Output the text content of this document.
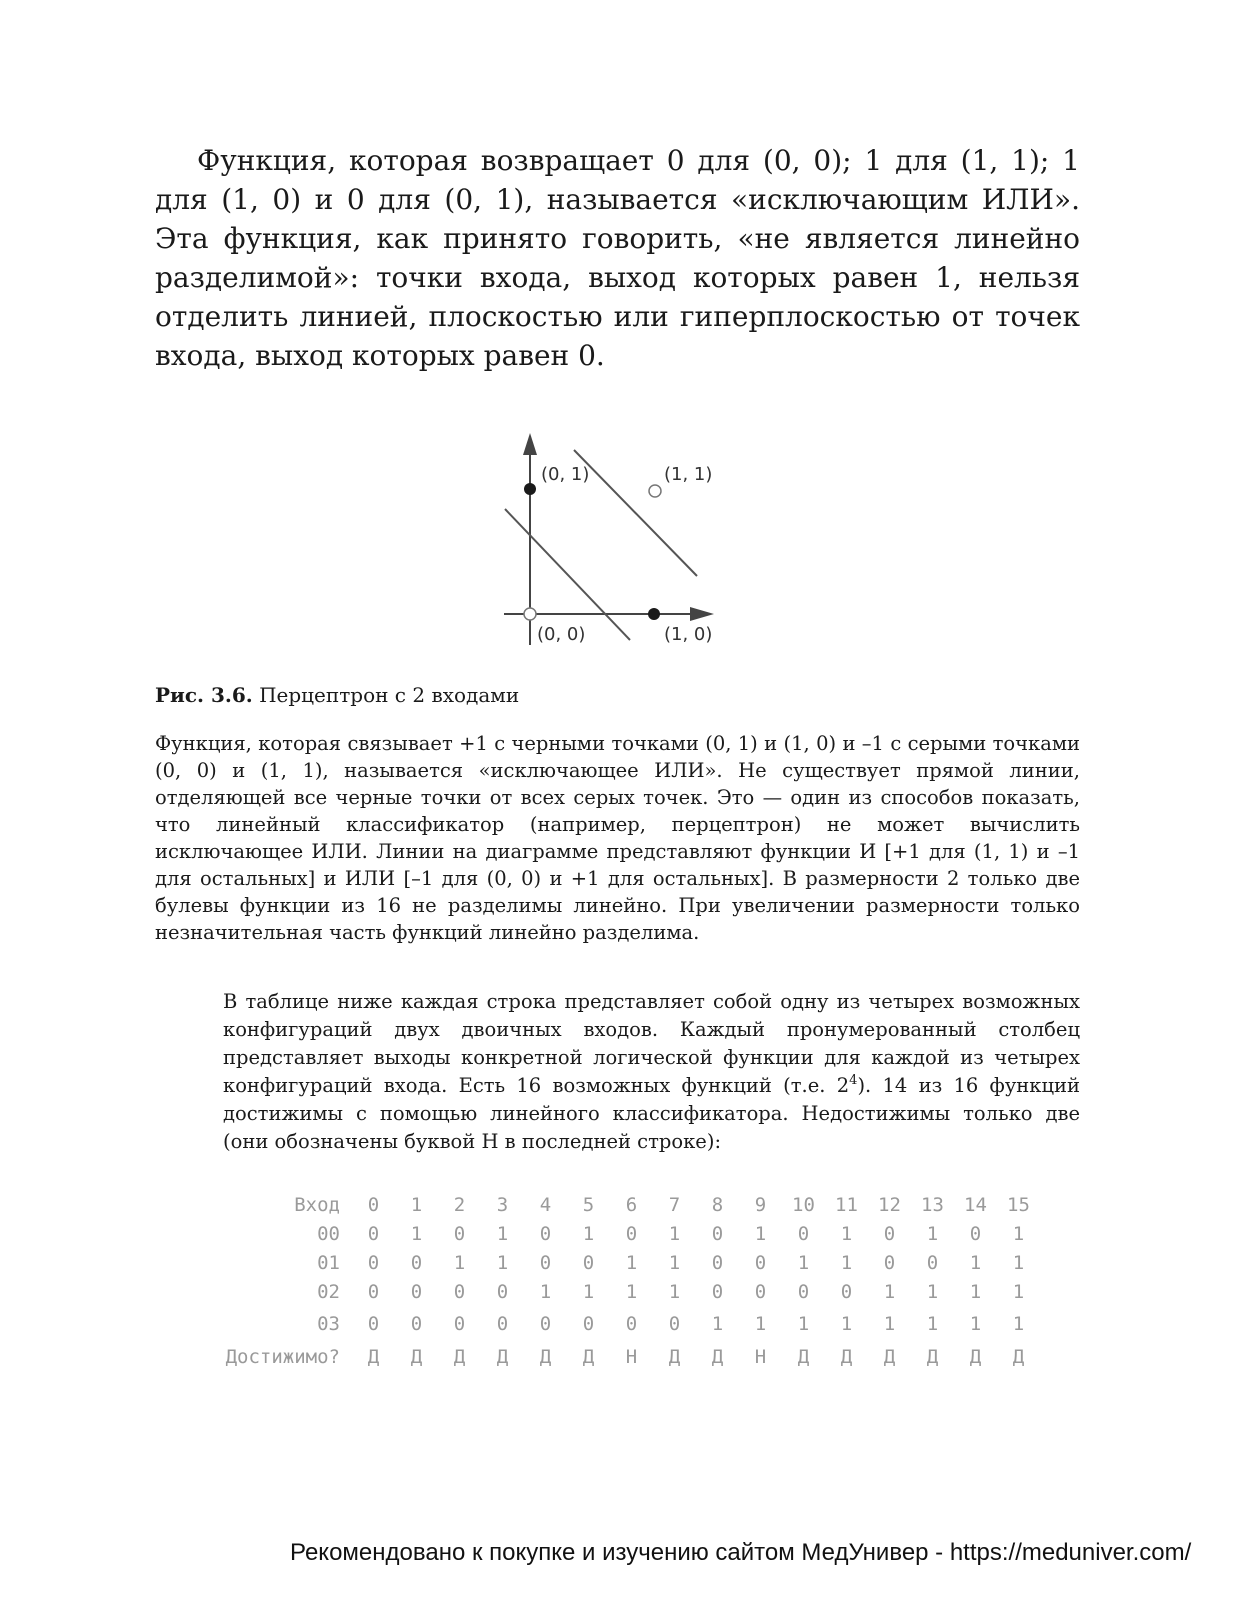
Функция, которая возвращает 0 для (0, 0); 1 для (1, 1); 1 для (1, 0) и 0 для (0, 1), называется «исключающим ИЛИ». Эта функция, как принято говорить, «не является линейно разделимой»: точки входа, выход которых равен 1, нельзя отделить линией, плоскостью или гиперплоскостью от точек входа, выход которых равен 0.

(0, 1)	(1, 1)
(0, 0)	(1, 0)

Рис. 3.6. Перцептрон с 2 входами

Функция, которая связывает +1 с черными точками (0, 1) и (1, 0) и –1 с серыми точками (0, 0) и (1, 1), называется «исключающее ИЛИ». Не существует прямой линии, отделяющей все черные точки от всех серых точек. Это — один из способов показать, что линейный классификатор (например, перцептрон) не может вычислить исключающее ИЛИ. Линии на диаграмме представляют функции И [+1 для (1, 1) и –1 для остальных] и ИЛИ [–1 для (0, 0) и +1 для остальных]. В размерности 2 только две булевы функции из 16 не разделимы линейно. При увеличении размерности только незначительная часть функций линейно разделима.

В таблице ниже каждая строка представляет собой одну из четырех возможных конфигураций двух двоичных входов. Каждый пронумерованный столбец представляет выходы конкретной логической функции для каждой из четырех конфигураций входа. Есть 16 возможных функций (т.е. $2^4$). 14 из 16 функций достижимы с помощью линейного классификатора. Недостижимы только две (они обозначены буквой Н в последней строке):

Вход	0	1	2	3	4	5	6	7	8	9	10	11	12	13	14	15
00	0	1	0	1	0	1	0	1	0	1	0	1	0	1	0	1
01	0	0	1	1	0	0	1	1	0	0	1	1	0	0	1	1
02	0	0	0	0	1	1	1	1	0	0	0	0	1	1	1	1
03	0	0	0	0	0	0	0	0	1	1	1	1	1	1	1	1
Достижимо?	Д	Д	Д	Д	Д	Д	Н	Д	Д	Н	Д	Д	Д	Д	Д	Д
Рекомендовано к покупке и изучению сайтом МедУнивер - https://meduniver.com/
